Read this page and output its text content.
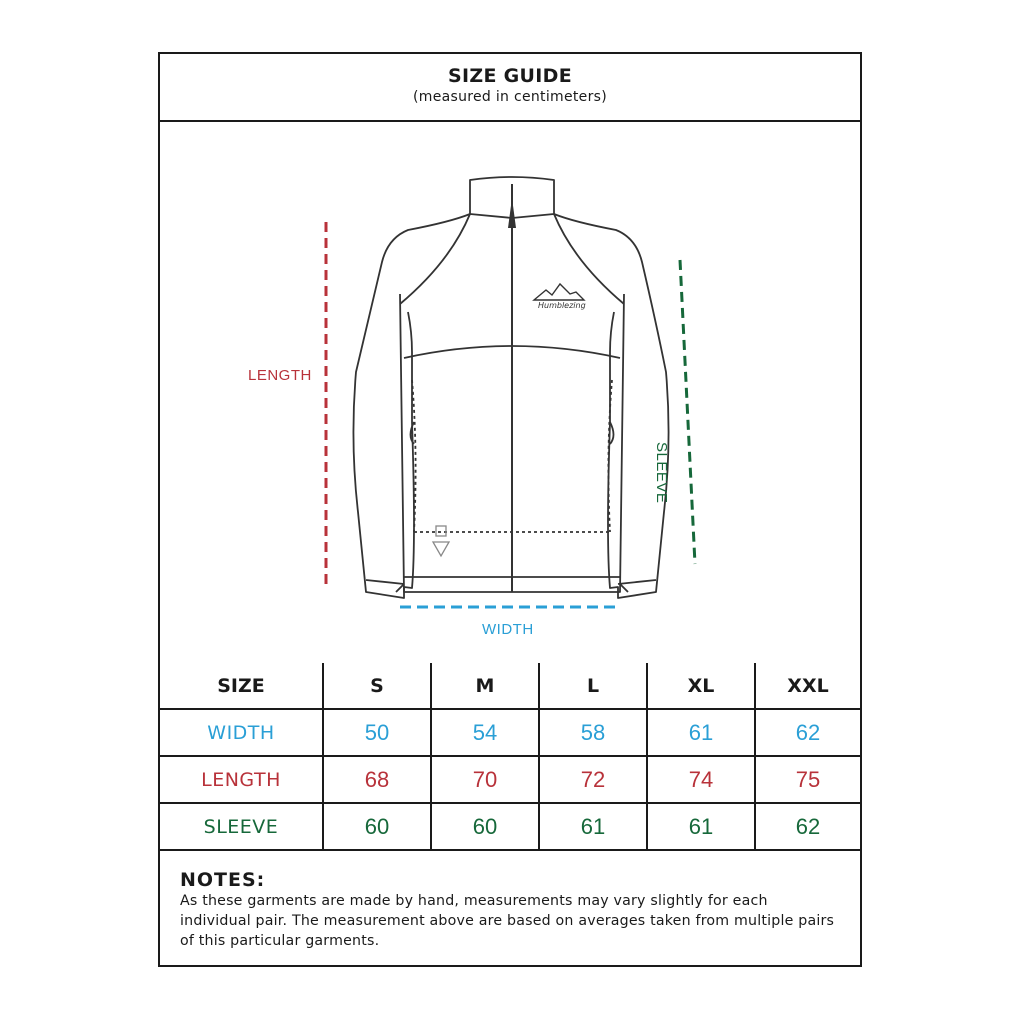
SIZE GUIDE
(measured in centimeters)
Humblezing
LENGTH
WIDTH
SLEEVE
SIZE	S	M	L	XL	XXL
WIDTH	50	54	58	61	62
LENGTH	68	70	72	74	75
SLEEVE	60	60	61	61	62
NOTES:
As these garments are made by hand, measurements may vary slightly for each individual pair. The measurement above are based on averages taken from multiple pairs of this particular garments.
